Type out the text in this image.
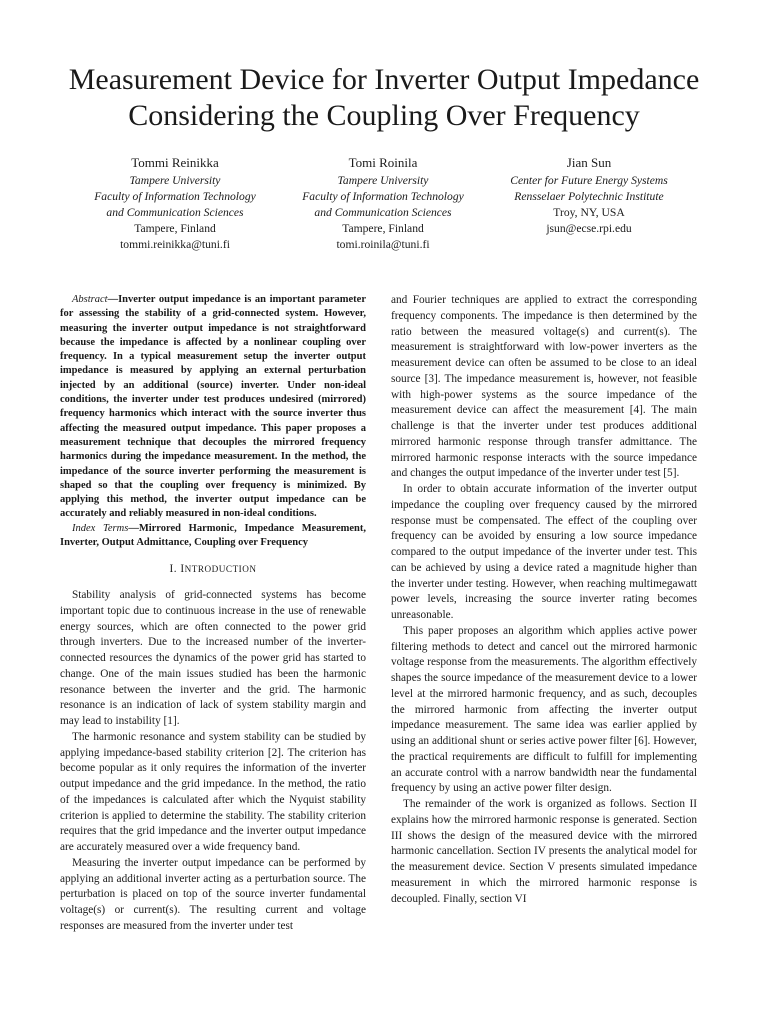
Measurement Device for Inverter Output Impedance
Considering the Coupling Over Frequency
Tommi Reinikka
Tampere University
Faculty of Information Technology
and Communication Sciences
Tampere, Finland
tommi.reinikka@tuni.fi
Tomi Roinila
Tampere University
Faculty of Information Technology
and Communication Sciences
Tampere, Finland
tomi.roinila@tuni.fi
Jian Sun
Center for Future Energy Systems
Rensselaer Polytechnic Institute
Troy, NY, USA
jsun@ecse.rpi.edu

Abstract—Inverter output impedance is an important parameter for assessing the stability of a grid-connected system. However, measuring the inverter output impedance is not straightforward because the impedance is affected by a nonlinear coupling over frequency. In a typical measurement setup the inverter output impedance is measured by applying an external perturbation injected by an additional (source) inverter. Under non-ideal conditions, the inverter under test produces undesired (mirrored) frequency harmonics which interact with the source inverter thus affecting the measured output impedance. This paper proposes a measurement technique that decouples the mirrored frequency harmonics during the impedance measurement. In the method, the impedance of the source inverter performing the measurement is shaped so that the coupling over frequency is minimized. By applying this method, the inverter output impedance can be accurately and reliably measured in non-ideal conditions.

Index Terms—Mirrored Harmonic, Impedance Measurement, Inverter, Output Admittance, Coupling over Frequency

I. INTRODUCTION

Stability analysis of grid-connected systems has become important topic due to continuous increase in the use of renewable energy sources, which are often connected to the power grid through inverters. Due to the increased number of the inverter-connected resources the dynamics of the power grid has started to change. One of the main issues studied has been the harmonic resonance between the inverter and the grid. The harmonic resonance is an indication of lack of system stability margin and may lead to instability [1].

The harmonic resonance and system stability can be studied by applying impedance-based stability criterion [2]. The criterion has become popular as it only requires the information of the inverter output impedance and the grid impedance. In the method, the ratio of the impedances is calculated after which the Nyquist stability criterion is applied to determine the stability. The stability criterion requires that the grid impedance and the inverter output impedance are accurately measured over a wide frequency band.

Measuring the inverter output impedance can be performed by applying an additional inverter acting as a perturbation source. The perturbation is placed on top of the source inverter fundamental voltage(s) or current(s). The resulting current and voltage responses are measured from the inverter under test

and Fourier techniques are applied to extract the corresponding frequency components. The impedance is then determined by the ratio between the measured voltage(s) and current(s). The measurement is straightforward with low-power inverters as the measurement device can often be assumed to be close to an ideal source [3]. The impedance measurement is, however, not feasible with high-power systems as the source impedance of the measurement device can affect the measurement [4]. The main challenge is that the inverter under test produces additional mirrored harmonic response through transfer admittance. The mirrored harmonic response interacts with the source impedance and changes the output impedance of the inverter under test [5].

In order to obtain accurate information of the inverter output impedance the coupling over frequency caused by the mirrored response must be compensated. The effect of the coupling over frequency can be avoided by ensuring a low source impedance compared to the output impedance of the inverter under test. This can be achieved by using a device rated a magnitude higher than the inverter under testing. However, when reaching multimegawatt power levels, increasing the source inverter rating becomes unreasonable.

This paper proposes an algorithm which applies active power filtering methods to detect and cancel out the mirrored harmonic voltage response from the measurements. The algorithm effectively shapes the source impedance of the measurement device to a lower level at the mirrored harmonic frequency, and as such, decouples the mirrored harmonic from affecting the inverter output impedance measurement. The same idea was earlier applied by using an additional shunt or series active power filter [6]. However, the practical requirements are difficult to fulfill for implementing an accurate control with a narrow bandwidth near the fundamental frequency by using an active power filter design.

The remainder of the work is organized as follows. Section II explains how the mirrored harmonic response is generated. Section III shows the design of the measured device with the mirrored harmonic cancellation. Section IV presents the analytical model for the measurement device. Section V presents simulated impedance measurement in which the mirrored harmonic response is decoupled. Finally, section VI
